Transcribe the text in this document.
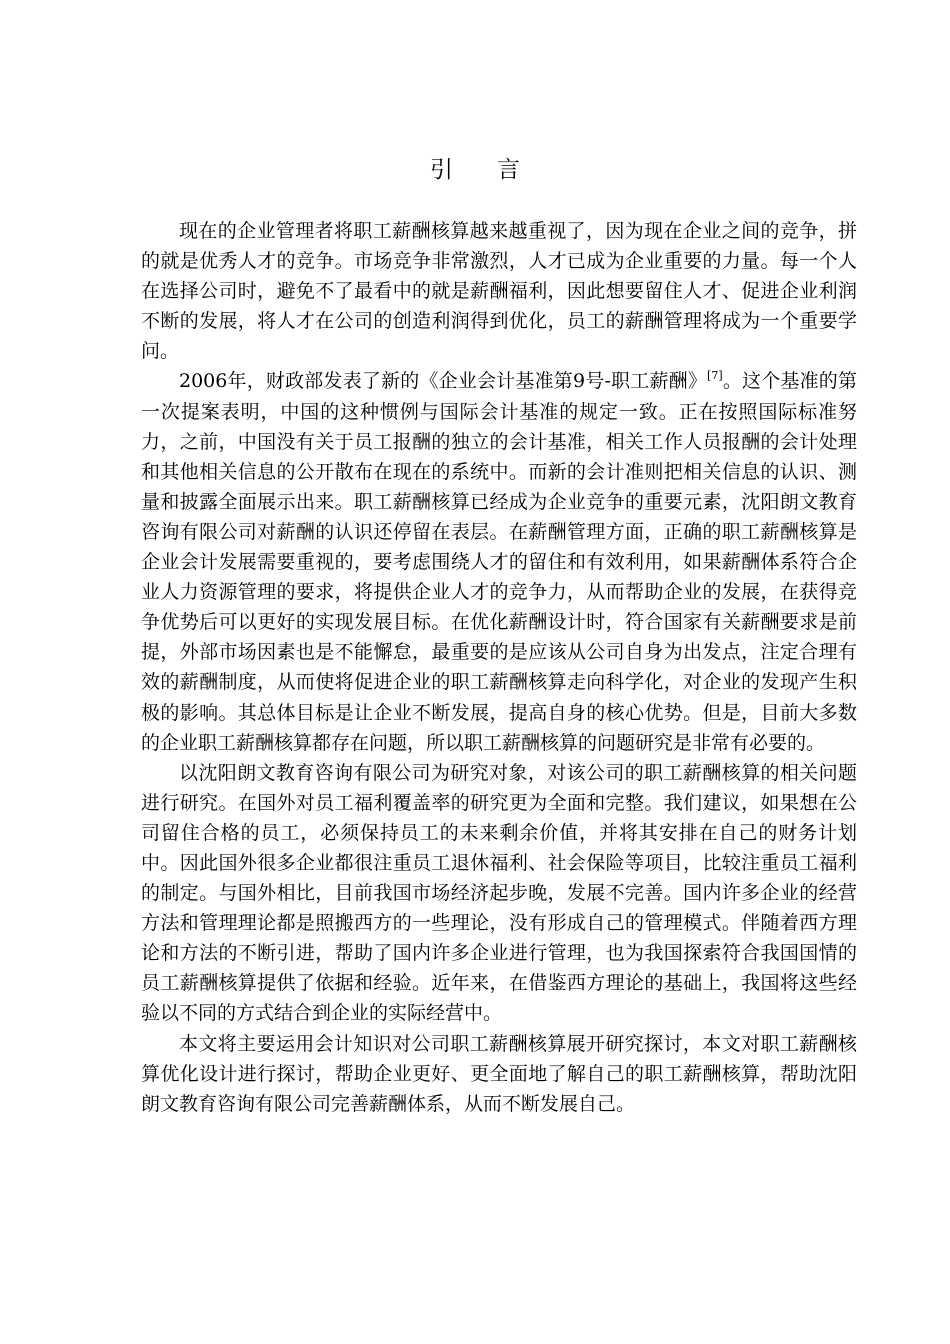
引言

现在的企业管理者将职工薪酬核算越来越重视了，因为现在企业之间的竞争，拼的就是优秀人才的竞争。市场竞争非常激烈，人才已成为企业重要的力量。每一个人在选择公司时，避免不了最看中的就是薪酬福利，因此想要留住人才、促进企业利润不断的发展，将人才在公司的创造利润得到优化，员工的薪酬管理将成为一个重要学问。

2006年，财政部发表了新的《企业会计基准第9号-职工薪酬》[7]。这个基准的第一次提案表明，中国的这种惯例与国际会计基准的规定一致。正在按照国际标准努力，之前，中国没有关于员工报酬的独立的会计基准，相关工作人员报酬的会计处理和其他相关信息的公开散布在现在的系统中。而新的会计准则把相关信息的认识、测量和披露全面展示出来。职工薪酬核算已经成为企业竞争的重要元素，沈阳朗文教育咨询有限公司对薪酬的认识还停留在表层。在薪酬管理方面，正确的职工薪酬核算是企业会计发展需要重视的，要考虑围绕人才的留住和有效利用，如果薪酬体系符合企业人力资源管理的要求，将提供企业人才的竞争力，从而帮助企业的发展，在获得竞争优势后可以更好的实现发展目标。在优化薪酬设计时，符合国家有关薪酬要求是前提，外部市场因素也是不能懈怠，最重要的是应该从公司自身为出发点，注定合理有效的薪酬制度，从而使将促进企业的职工薪酬核算走向科学化，对企业的发现产生积极的影响。其总体目标是让企业不断发展，提高自身的核心优势。但是，目前大多数的企业职工薪酬核算都存在问题，所以职工薪酬核算的问题研究是非常有必要的。

以沈阳朗文教育咨询有限公司为研究对象，对该公司的职工薪酬核算的相关问题进行研究。在国外对员工福利覆盖率的研究更为全面和完整。我们建议，如果想在公司留住合格的员工，必须保持员工的未来剩余价值，并将其安排在自己的财务计划中。因此国外很多企业都很注重员工退休福利、社会保险等项目，比较注重员工福利的制定。与国外相比，目前我国市场经济起步晚，发展不完善。国内许多企业的经营方法和管理理论都是照搬西方的一些理论，没有形成自己的管理模式。伴随着西方理论和方法的不断引进，帮助了国内许多企业进行管理，也为我国探索符合我国国情的员工薪酬核算提供了依据和经验。近年来，在借鉴西方理论的基础上，我国将这些经验以不同的方式结合到企业的实际经营中。

本文将主要运用会计知识对公司职工薪酬核算展开研究探讨，本文对职工薪酬核算优化设计进行探讨，帮助企业更好、更全面地了解自己的职工薪酬核算，帮助沈阳朗文教育咨询有限公司完善薪酬体系，从而不断发展自己。
